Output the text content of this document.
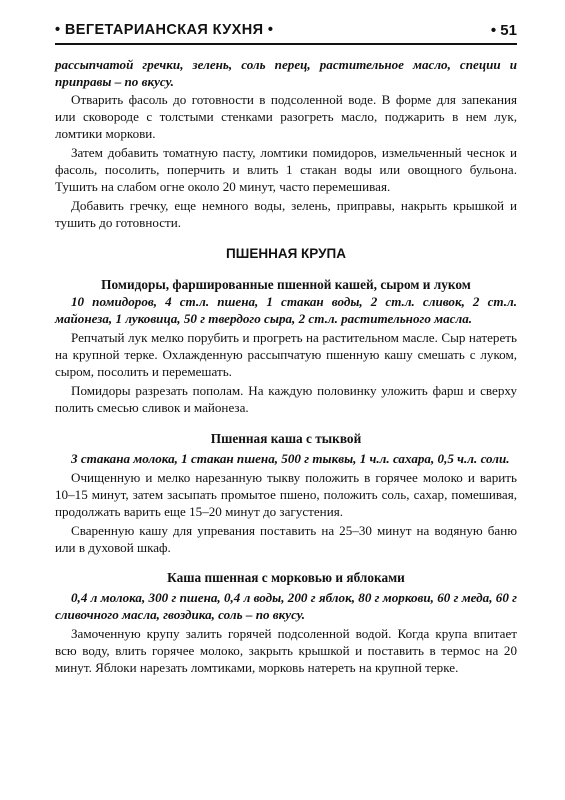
• ВЕГЕТАРИАНСКАЯ КУХНЯ •	• 51

рассыпчатой гречки, зелень, соль перец, растительное масло, специи и приправы – по вкусу.

Отварить фасоль до готовности в подсоленной воде. В форме для запекания или сковороде с толстыми стенками разогреть масло, поджарить в нем лук, ломтики моркови.

Затем добавить томатную пасту, ломтики помидоров, измельченный чеснок и фасоль, посолить, поперчить и влить 1 стакан воды или овощного бульона. Тушить на слабом огне около 20 минут, часто перемешивая.

Добавить гречку, еще немного воды, зелень, приправы, накрыть крышкой и тушить до готовности.

ПШЕННАЯ КРУПА
Помидоры, фаршированные пшенной кашей, сыром и луком

10 помидоров, 4 ст.л. пшена, 1 стакан воды, 2 ст.л. сливок, 2 ст.л. майонеза, 1 луковица, 50 г твердого сыра, 2 ст.л. растительного масла.

Репчатый лук мелко порубить и прогреть на растительном масле. Сыр натереть на крупной терке. Охлажденную рассыпчатую пшенную кашу смешать с луком, сыром, посолить и перемешать.

Помидоры разрезать пополам. На каждую половинку уложить фарш и сверху полить смесью сливок и майонеза.

Пшенная каша с тыквой

3 стакана молока, 1 стакан пшена, 500 г тыквы, 1 ч.л. сахара, 0,5 ч.л. соли.

Очищенную и мелко нарезанную тыкву положить в горячее молоко и варить 10–15 минут, затем засыпать промытое пшено, положить соль, сахар, помешивая, продолжать варить еще 15–20 минут до загустения.

Сваренную кашу для упревания поставить на 25–30 минут на водяную баню или в духовой шкаф.

Каша пшенная с морковью и яблоками

0,4 л молока, 300 г пшена, 0,4 л воды, 200 г яблок, 80 г моркови, 60 г меда, 60 г сливочного масла, гвоздика, соль – по вкусу.

Замоченную крупу залить горячей подсоленной водой. Когда крупа впитает всю воду, влить горячее молоко, закрыть крышкой и поставить в термос на 20 минут. Яблоки нарезать ломтиками, морковь натереть на крупной терке.
